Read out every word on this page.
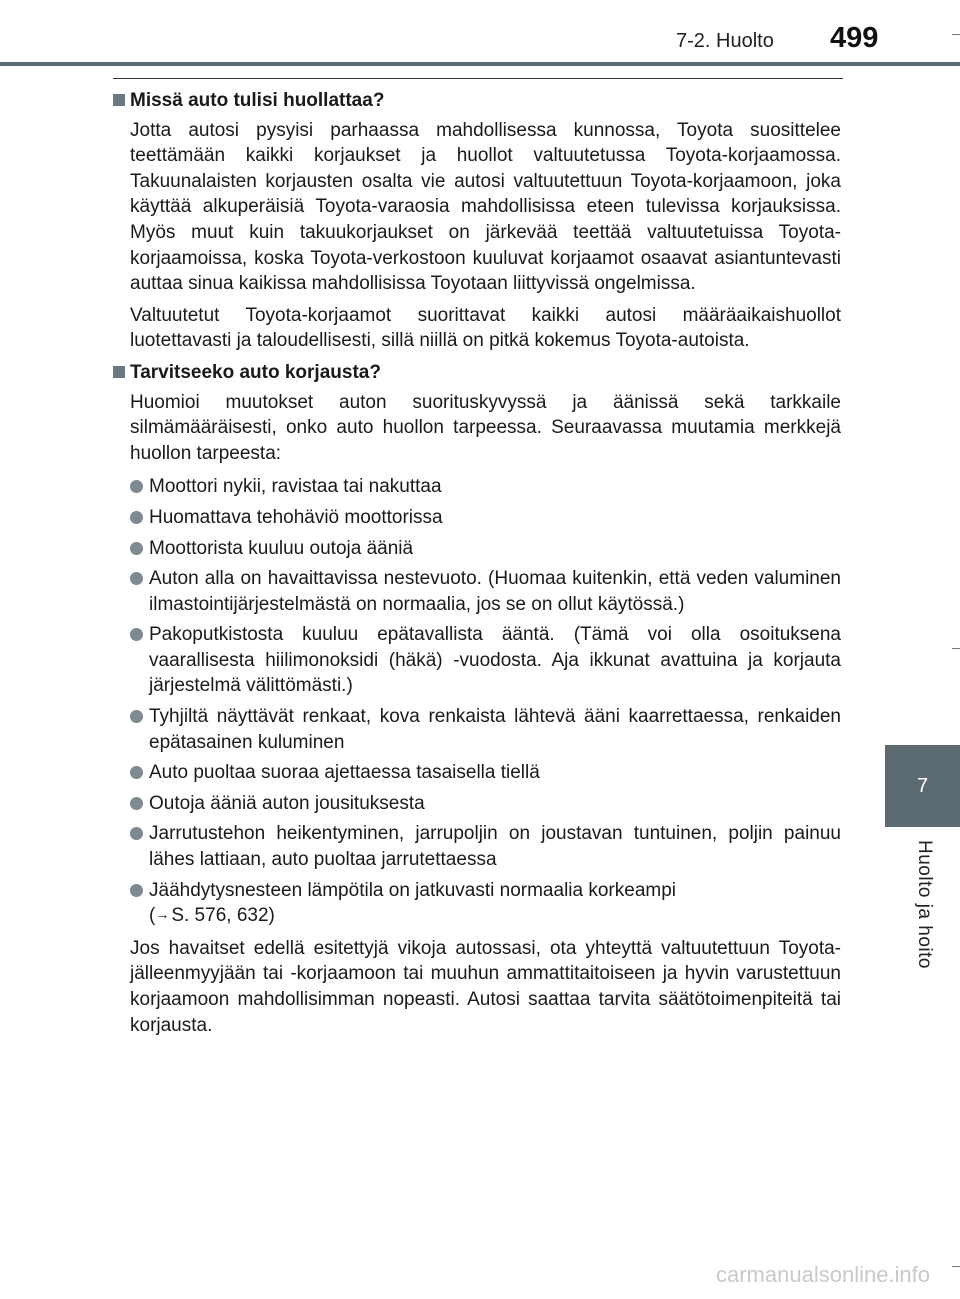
7-2. Huolto 499
7
Huolto ja hoito
Missä auto tulisi huollattaa?

Jotta autosi pysyisi parhaassa mahdollisessa kunnossa, Toyota suosittelee teettämään kaikki korjaukset ja huollot valtuutetussa Toyota-korjaamossa. Takuunalaisten korjausten osalta vie autosi valtuutettuun Toyota-korjaamoon, joka käyttää alkuperäisiä Toyota-varaosia mahdollisissa eteen tulevissa korjauksissa. Myös muut kuin takuukorjaukset on järkevää teettää valtuutetuissa Toyota-korjaamoissa, koska Toyota-verkostoon kuuluvat korjaamot osaavat asiantuntevasti auttaa sinua kaikissa mahdollisissa Toyotaan liittyvissä ongelmissa.

Valtuutetut Toyota-korjaamot suorittavat kaikki autosi määräaikaishuollot luotettavasti ja taloudellisesti, sillä niillä on pitkä kokemus Toyota-autoista.

Tarvitseeko auto korjausta?

Huomioi muutokset auton suorituskyvyssä ja äänissä sekä tarkkaile silmämääräisesti, onko auto huollon tarpeessa. Seuraavassa muutamia merkkejä huollon tarpeesta:

Moottori nykii, ravistaa tai nakuttaa
Huomattava tehohäviö moottorissa
Moottorista kuuluu outoja ääniä
Auton alla on havaittavissa nestevuoto. (Huomaa kuitenkin, että veden valuminen ilmastointijärjestelmästä on normaalia, jos se on ollut käytössä.)
Pakoputkistosta kuuluu epätavallista ääntä. (Tämä voi olla osoituksena vaarallisesta hiilimonoksidi (häkä) -vuodosta. Aja ikkunat avattuina ja korjauta järjestelmä välittömästi.)
Tyhjiltä näyttävät renkaat, kova renkaista lähtevä ääni kaarrettaessa, renkaiden epätasainen kuluminen
Auto puoltaa suoraa ajettaessa tasaisella tiellä
Outoja ääniä auton jousituksesta
Jarrutustehon heikentyminen, jarrupoljin on joustavan tuntuinen, poljin painuu lähes lattiaan, auto puoltaa jarrutettaessa
Jäähdytysnesteen lämpötila on jatkuvasti normaalia korkeampi
(→ S. 576, 632)

Jos havaitset edellä esitettyjä vikoja autossasi, ota yhteyttä valtuutettuun Toyota-jälleenmyyjään tai -korjaamoon tai muuhun ammattitaitoiseen ja hyvin varustettuun korjaamoon mahdollisimman nopeasti. Autosi saattaa tarvita säätötoimenpiteitä tai korjausta.

carmanualsonline.info
